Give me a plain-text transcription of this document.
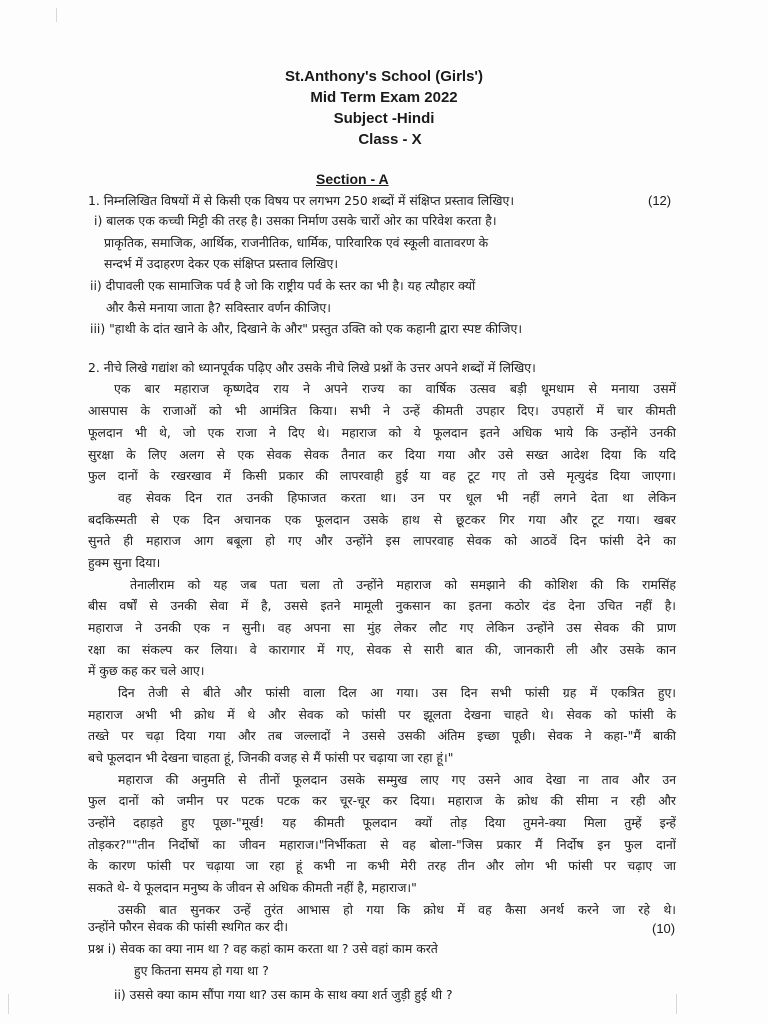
St.Anthony's School (Girls')
Mid Term Exam 2022
Subject -Hindi
Class - X
Section - A
1. निम्नलिखित विषयों में से किसी एक विषय पर लगभग 250 शब्दों में संक्षिप्त प्रस्ताव लिखिए।	(12)
i) बालक एक कच्ची मिट्टी की तरह है। उसका निर्माण उसके चारों ओर का परिवेश करता है।
प्राकृतिक, समाजिक, आर्थिक, राजनीतिक, धार्मिक, पारिवारिक एवं स्कूली वातावरण के
सन्दर्भ में उदाहरण देकर एक संक्षिप्त प्रस्ताव लिखिए।
ii) दीपावली एक सामाजिक पर्व है जो कि राष्ट्रीय पर्व के स्तर का भी है। यह त्यौहार क्यों
और कैसे मनाया जाता है? सविस्तार वर्णन कीजिए।
iii) "हाथी के दांत खाने के और, दिखाने के और" प्रस्तुत उक्ति को एक कहानी द्वारा स्पष्ट कीजिए।
2. नीचे लिखे गद्यांश को ध्यानपूर्वक पढ़िए और उसके नीचे लिखे प्रश्नों के उत्तर अपने शब्दों में लिखिए।
एक बार महाराज कृष्णदेव राय ने अपने राज्य का वार्षिक उत्सव बड़ी धूमधाम से मनाया उसमें
आसपास के राजाओं को भी आमंत्रित किया। सभी ने उन्हें कीमती उपहार दिए। उपहारों में चार कीमती
फूलदान भी थे, जो एक राजा ने दिए थे। महाराज को ये फूलदान इतने अधिक भाये कि उन्होंने उनकी
सुरक्षा के लिए अलग से एक सेवक सेवक तैनात कर दिया गया और उसे सख्त आदेश दिया कि यदि
फुल दानों के रखरखाव में किसी प्रकार की लापरवाही हुई या वह टूट गए तो उसे मृत्युदंड दिया जाएगा।
वह सेवक दिन रात उनकी हिफाजत करता था। उन पर धूल भी नहीं लगने देता था लेकिन
बदकिस्मती से एक दिन अचानक एक फूलदान उसके हाथ से छूटकर गिर गया और टूट गया। खबर
सुनते ही महाराज आग बबूला हो गए और उन्होंने इस लापरवाह सेवक को आठवें दिन फांसी देने का
हुक्म सुना दिया।
तेनालीराम को यह जब पता चला तो उन्होंने महाराज को समझाने की कोशिश की कि रामसिंह
बीस वर्षों से उनकी सेवा में है, उससे इतने मामूली नुकसान का इतना कठोर दंड देना उचित नहीं है।
महाराज ने उनकी एक न सुनी। वह अपना सा मुंह लेकर लौट गए लेकिन उन्होंने उस सेवक की प्राण
रक्षा का संकल्प कर लिया। वे कारागार में गए, सेवक से सारी बात की, जानकारी ली और उसके कान
में कुछ कह कर चले आए।
दिन तेजी से बीते और फांसी वाला दिल आ गया। उस दिन सभी फांसी ग्रह में एकत्रित हुए।
महाराज अभी भी क्रोध में थे और सेवक को फांसी पर झूलता देखना चाहते थे। सेवक को फांसी के
तख्ते पर चढ़ा दिया गया और तब जल्लादों ने उससे उसकी अंतिम इच्छा पूछी। सेवक ने कहा-"मैं बाकी
बचे फूलदान भी देखना चाहता हूं, जिनकी वजह से मैं फांसी पर चढ़ाया जा रहा हूं।"
महाराज की अनुमति से तीनों फूलदान उसके सम्मुख लाए गए उसने आव देखा ना ताव और उन
फुल दानों को जमीन पर पटक पटक कर चूर-चूर कर दिया। महाराज के क्रोध की सीमा न रही और
उन्होंने दहाड़ते हुए पूछा-"मूर्ख! यह कीमती फूलदान क्यों तोड़ दिया तुमने-क्या मिला तुम्हें इन्हें
तोड़कर?""तीन निर्दोषों का जीवन महाराज।"निर्भीकता से वह बोला-"जिस प्रकार मैं निर्दोष इन फुल दानों
के कारण फांसी पर चढ़ाया जा रहा हूं कभी ना कभी मेरी तरह तीन और लोग भी फांसी पर चढ़ाए जा
सकते थे- ये फूलदान मनुष्य के जीवन से अधिक कीमती नहीं है, महाराज।"
उसकी बात सुनकर उन्हें तुरंत आभास हो गया कि क्रोध में वह कैसा अनर्थ करने जा रहे थे।
उन्होंने फौरन सेवक की फांसी स्थगित कर दी।	(10)
प्रश्न i) सेवक का क्या नाम था ? वह कहां काम करता था ? उसे वहां काम करते
हुए कितना समय हो गया था ?
ii) उससे क्या काम सौंपा गया था? उस काम के साथ क्या शर्त जुड़ी हुई थी ?
